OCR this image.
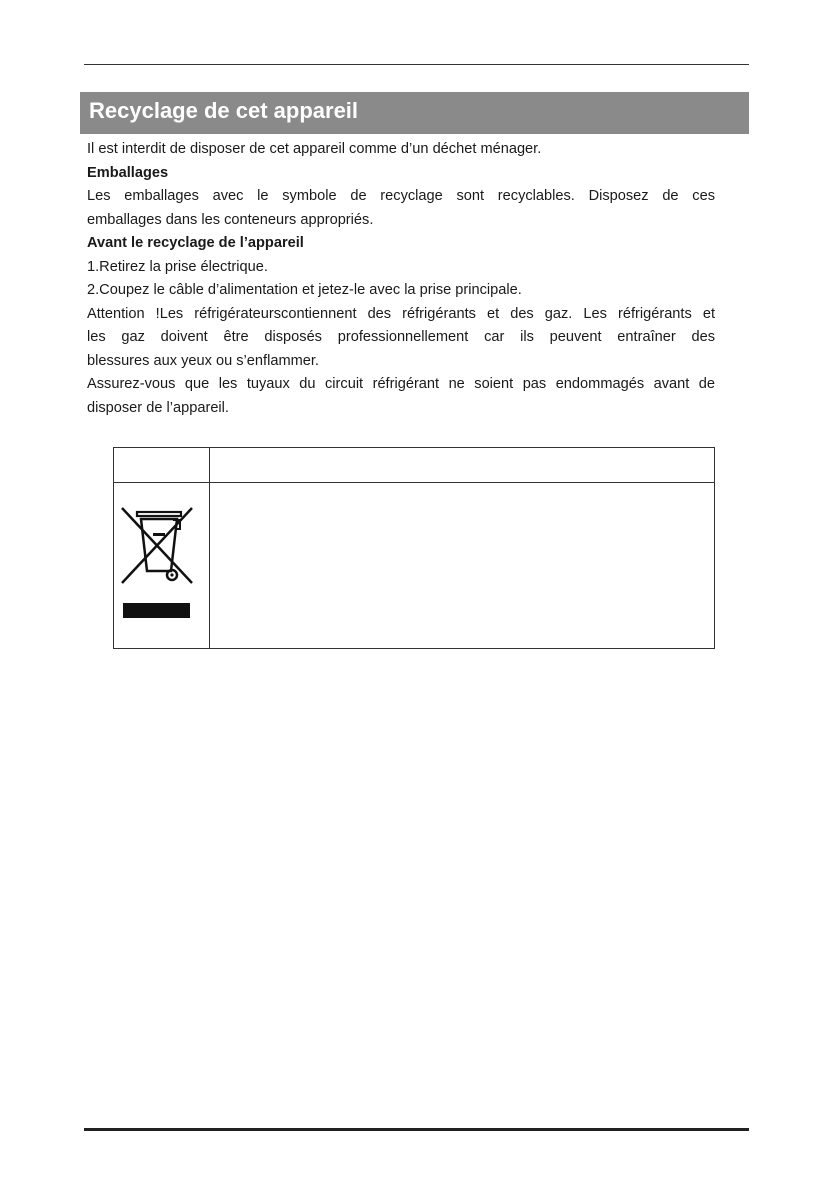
Recyclage de cet appareil

Il est interdit de disposer de cet appareil comme d’un déchet ménager.

Emballages

Les emballages avec le symbole de recyclage sont recyclables. Disposez de ces

emballages dans les conteneurs appropriés.

Avant le recyclage de l’appareil

1.Retirez la prise électrique.

2.Coupez le câble d’alimentation et jetez-le avec la prise principale.

Attention !Les réfrigérateurscontiennent des réfrigérants et des gaz. Les réfrigérants et

les gaz doivent être disposés professionnellement car ils peuvent entraîner des

blessures aux yeux ou s’enflammer.

Assurez-vous que les tuyaux du circuit réfrigérant ne soient pas endommagés avant de

disposer de l’appareil.
